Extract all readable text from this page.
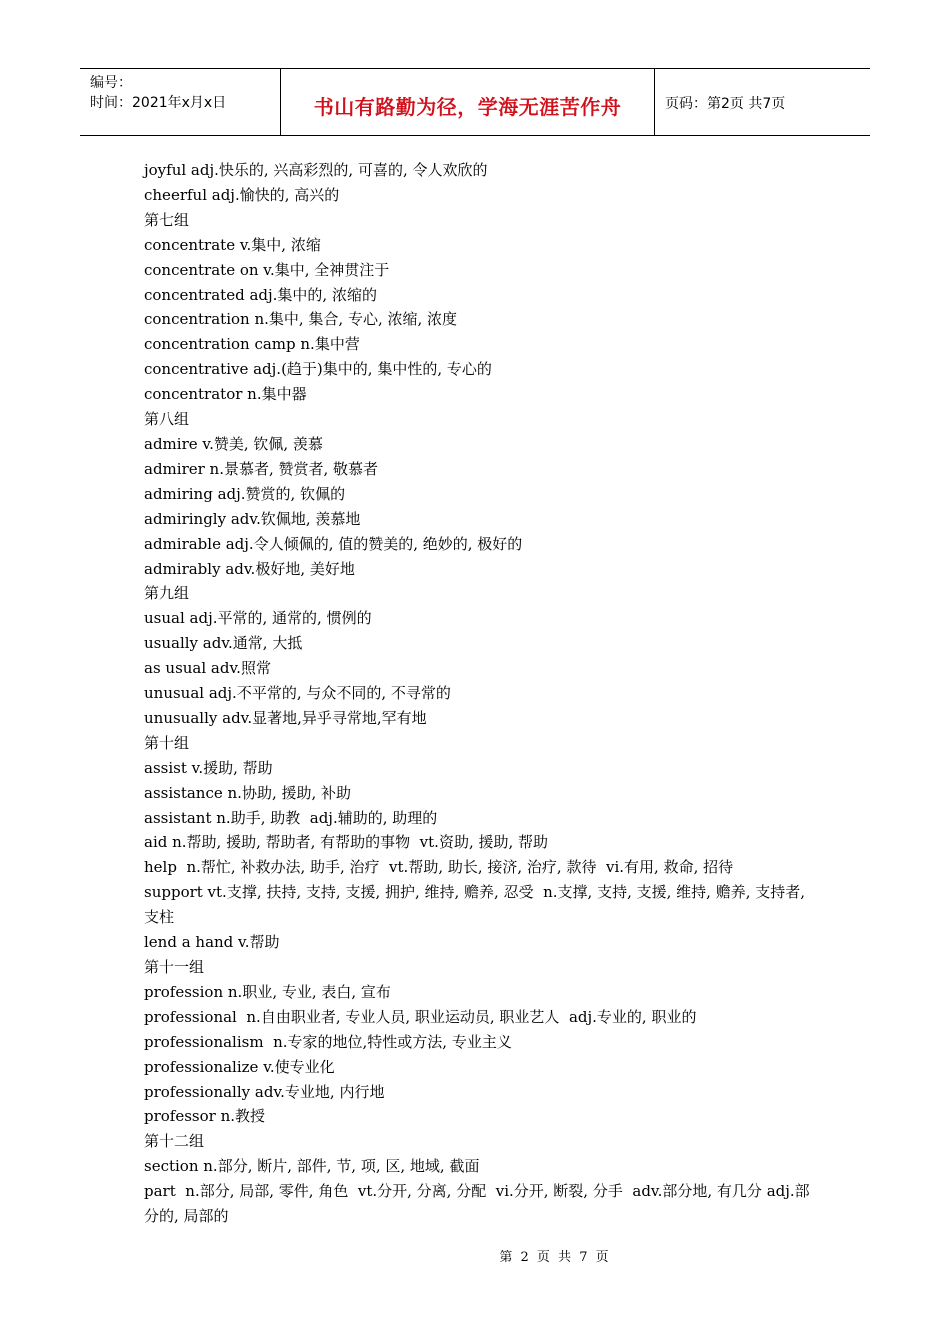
编号：
时间：2021年x月x日	书山有路勤为径，学海无涯苦作舟	页码：第2页 共7页
joyful adj.快乐的, 兴高彩烈的, 可喜的, 令人欢欣的
cheerful adj.愉快的, 高兴的
第七组
concentrate v.集中, 浓缩
concentrate on v.集中, 全神贯注于
concentrated adj.集中的, 浓缩的
concentration n.集中, 集合, 专心, 浓缩, 浓度
concentration camp n.集中营
concentrative adj.(趋于)集中的, 集中性的, 专心的
concentrator n.集中器
第八组
admire v.赞美, 钦佩, 羡慕
admirer n.景慕者, 赞赏者, 敬慕者
admiring adj.赞赏的, 钦佩的
admiringly adv.钦佩地, 羡慕地
admirable adj.令人倾佩的, 值的赞美的, 绝妙的, 极好的
admirably adv.极好地, 美好地
第九组
usual adj.平常的, 通常的, 惯例的
usually adv.通常, 大抵
as usual adv.照常
unusual adj.不平常的, 与众不同的, 不寻常的
unusually adv.显著地,异乎寻常地,罕有地
第十组
assist v.援助, 帮助
assistance n.协助, 援助, 补助
assistant n.助手, 助教  adj.辅助的, 助理的
aid n.帮助, 援助, 帮助者, 有帮助的事物  vt.资助, 援助, 帮助
help  n.帮忙, 补救办法, 助手, 治疗  vt.帮助, 助长, 接济, 治疗, 款待  vi.有用, 救命, 招待
support vt.支撑, 扶持, 支持, 支援, 拥护, 维持, 赡养, 忍受  n.支撑, 支持, 支援, 维持, 赡养, 支持者, 支柱
lend a hand v.帮助
第十一组
profession n.职业, 专业, 表白, 宣布
professional  n.自由职业者, 专业人员, 职业运动员, 职业艺人  adj.专业的, 职业的
professionalism  n.专家的地位,特性或方法, 专业主义
professionalize v.使专业化
professionally adv.专业地, 内行地
professor n.教授
第十二组
section n.部分, 断片, 部件, 节, 项, 区, 地域, 截面
part  n.部分, 局部, 零件, 角色  vt.分开, 分离, 分配  vi.分开, 断裂, 分手  adv.部分地, 有几分 adj.部分的, 局部的
第 2 页 共 7 页
